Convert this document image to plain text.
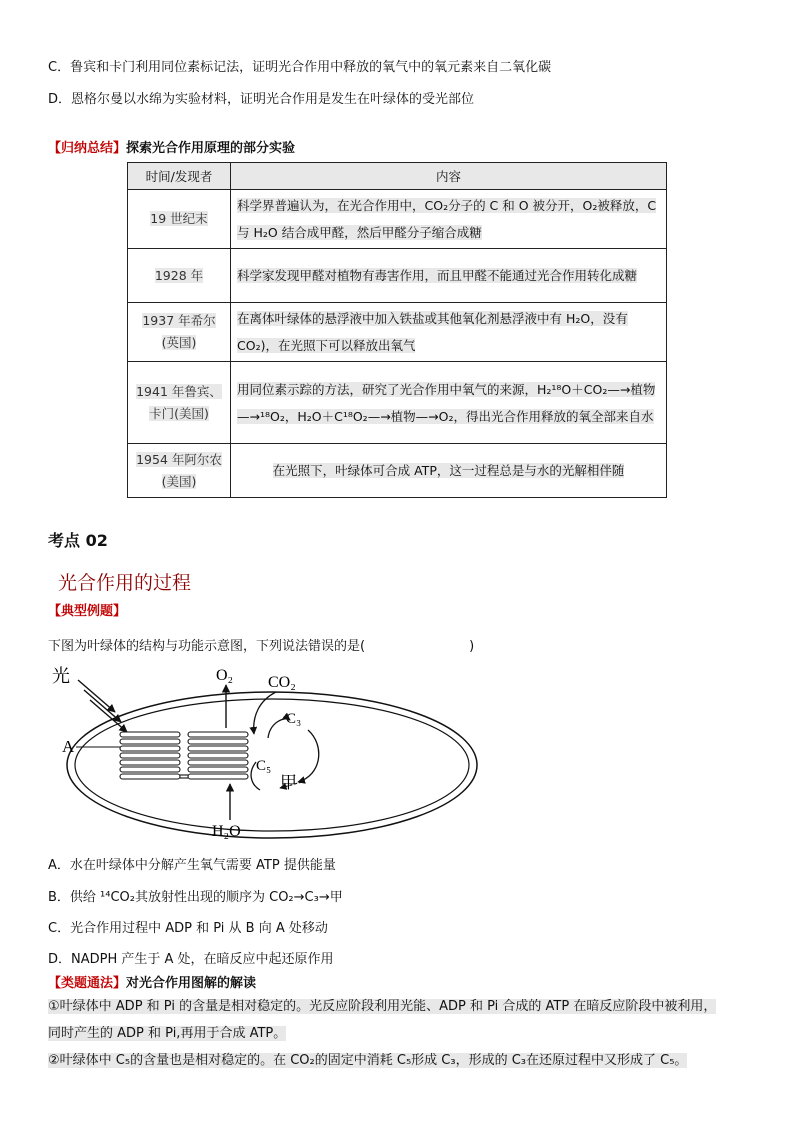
C．鲁宾和卡门利用同位素标记法，证明光合作用中释放的氧气中的氧元素来自二氧化碳
D．恩格尔曼以水绵为实验材料，证明光合作用是发生在叶绿体的受光部位
【归纳总结】探索光合作用原理的部分实验
时间/发现者	内容
19 世纪末	科学界普遍认为，在光合作用中，CO₂分子的 C 和 O 被分开，O₂被释放，C 与 H₂O 结合成甲醛，然后甲醛分子缩合成糖
1928 年	科学家发现甲醛对植物有毒害作用，而且甲醛不能通过光合作用转化成糖
1937 年希尔(英国)	在离体叶绿体的悬浮液中加入铁盐或其他氧化剂悬浮液中有 H₂O，没有 CO₂)，在光照下可以释放出氧气
1941 年鲁宾、卡门(美国)	用同位素示踪的方法，研究了光合作用中氧气的来源，H₂¹⁸O＋CO₂—→植物—→¹⁸O₂，H₂O＋C¹⁸O₂—→植物—→O₂，得出光合作用释放的氧全部来自水
1954 年阿尔农(美国)	在光照下，叶绿体可合成 ATP，这一过程总是与水的光解相伴随
考点 02
光合作用的过程
【典型例题】
下图为叶绿体的结构与功能示意图，下列说法错误的是(　　　　　　　　)
光
A
O₂ CO₂
C₃
C₅
甲
H₂O
A．水在叶绿体中分解产生氧气需要 ATP 提供能量
B．供给 ¹⁴CO₂其放射性出现的顺序为 CO₂→C₃→甲
C．光合作用过程中 ADP 和 Pi 从 B 向 A 处移动
D．NADPH 产生于 A 处，在暗反应中起还原作用
【类题通法】对光合作用图解的解读
①叶绿体中 ADP 和 Pi 的含量是相对稳定的。光反应阶段利用光能、ADP 和 Pi 合成的 ATP 在暗反应阶段中被利用，
同时产生的 ADP 和 Pi,再用于合成 ATP。
②叶绿体中 C₅的含量也是相对稳定的。在 CO₂的固定中消耗 C₅形成 C₃，形成的 C₃在还原过程中又形成了 C₅。
